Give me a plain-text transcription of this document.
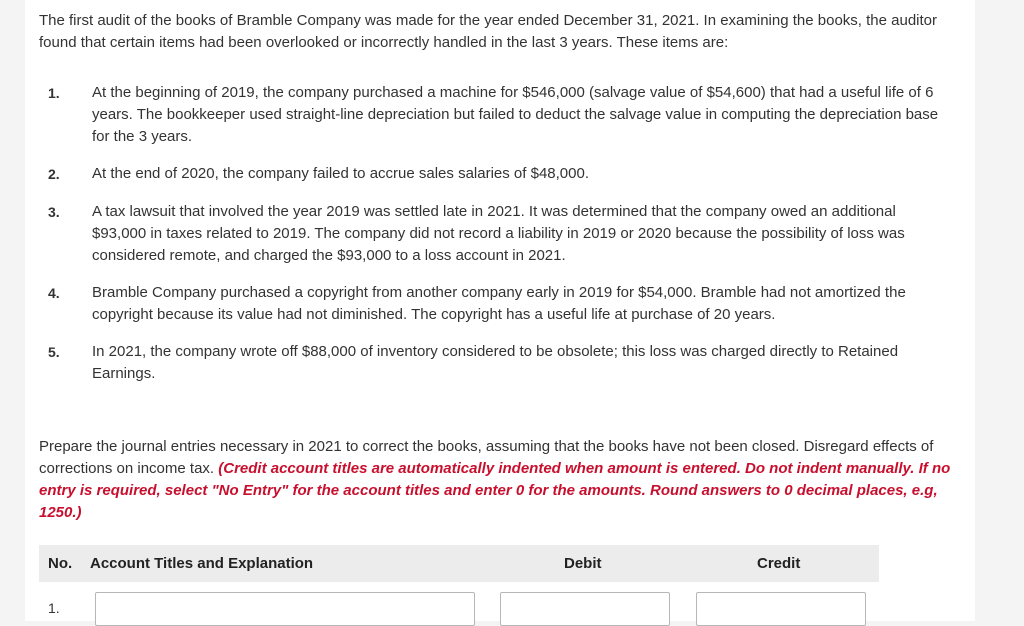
The first audit of the books of Bramble Company was made for the year ended December 31, 2021. In examining the books, the auditor found that certain items had been overlooked or incorrectly handled in the last 3 years. These items are:
1. At the beginning of 2019, the company purchased a machine for $546,000 (salvage value of $54,600) that had a useful life of 6 years. The bookkeeper used straight-line depreciation but failed to deduct the salvage value in computing the depreciation base for the 3 years.
2. At the end of 2020, the company failed to accrue sales salaries of $48,000.
3. A tax lawsuit that involved the year 2019 was settled late in 2021. It was determined that the company owed an additional $93,000 in taxes related to 2019. The company did not record a liability in 2019 or 2020 because the possibility of loss was considered remote, and charged the $93,000 to a loss account in 2021.
4. Bramble Company purchased a copyright from another company early in 2019 for $54,000. Bramble had not amortized the copyright because its value had not diminished. The copyright has a useful life at purchase of 20 years.
5. In 2021, the company wrote off $88,000 of inventory considered to be obsolete; this loss was charged directly to Retained Earnings.
Prepare the journal entries necessary in 2021 to correct the books, assuming that the books have not been closed. Disregard effects of corrections on income tax. (Credit account titles are automatically indented when amount is entered. Do not indent manually. If no entry is required, select "No Entry" for the account titles and enter 0 for the amounts. Round answers to 0 decimal places, e.g, 1250.)
No. Account Titles and Explanation	Debit	Credit
1.
